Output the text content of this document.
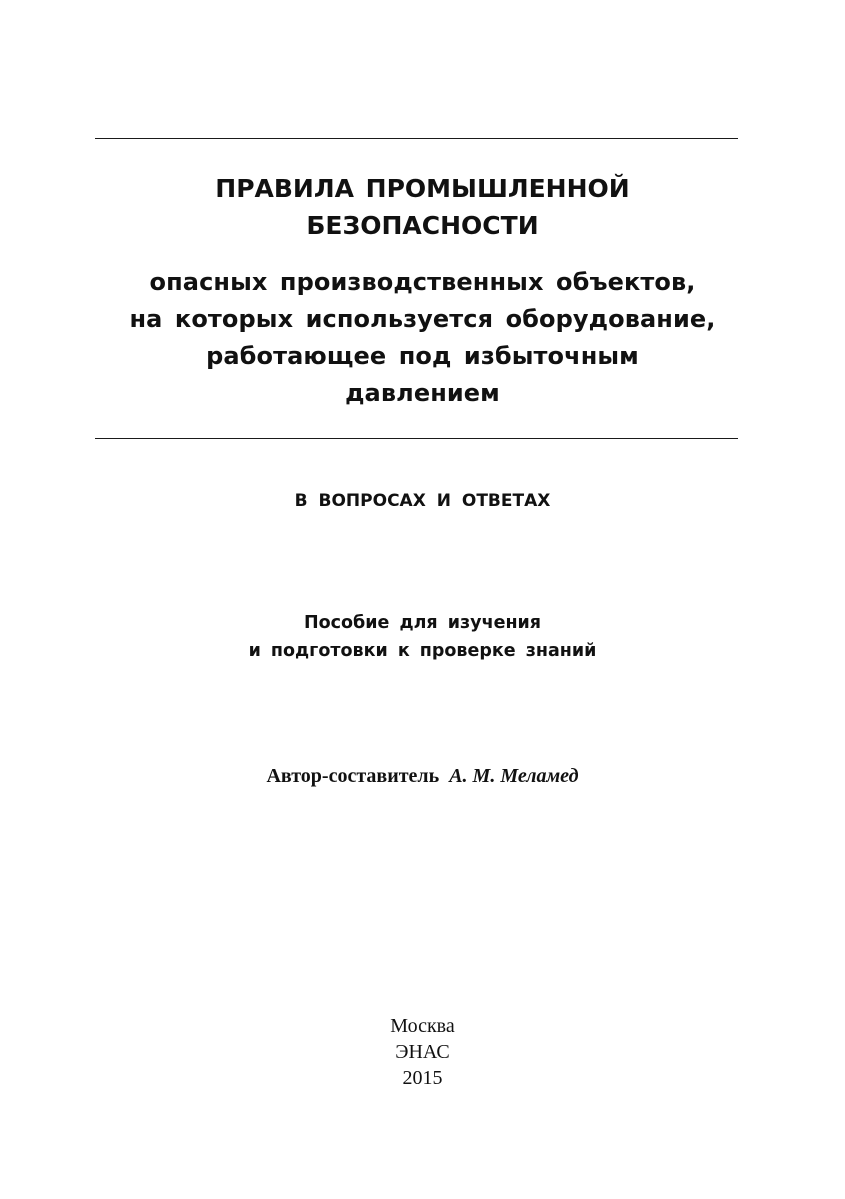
ПРАВИЛА ПРОМЫШЛЕННОЙ
БЕЗОПАСНОСТИ
опасных производственных объектов,
на которых используется оборудование,
работающее под избыточным
давлением
В ВОПРОСАХ И ОТВЕТАХ
Пособие для изучения
и подготовки к проверке знаний
Автор-составитель А. М. Меламед
Москва
ЭНАС
2015
